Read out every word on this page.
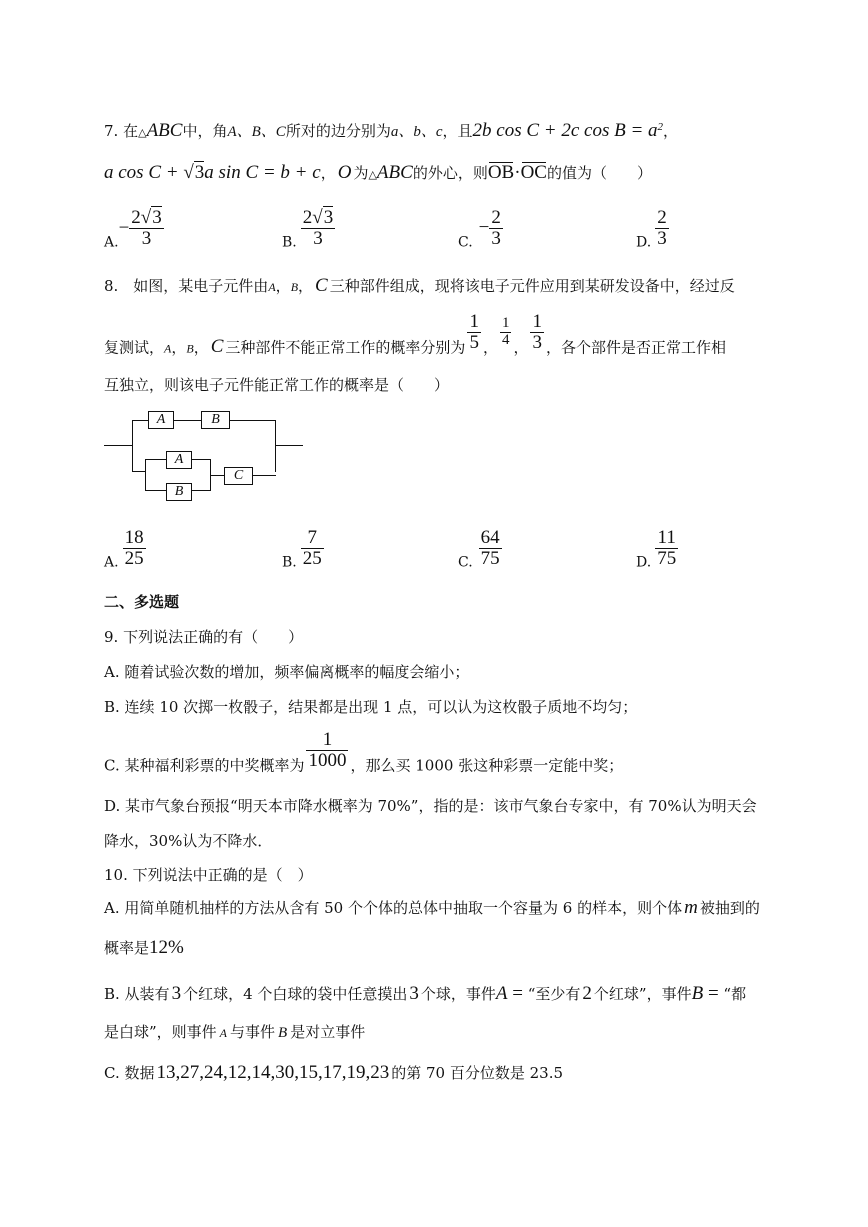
7. 在△ABC中，角A、B、C所对的边分别为a、b、c，且2b cos C + 2c $\cos B = a^2$，
a cos C + √3a sin C = b + c， O 为△ABC的外心，则OB·OC的值为（　　）
$A.- \frac{2√3}{3}$	B. $\frac{2√3}{3}$	$C.- \frac{2}{3}$	D. $\frac{2}{3}$
8.　如图，某电子元件由A，B， C 三种部件组成，现将该电子元件应用到某研发设备中，经过反
复测试，$_A$，$_B$， C 三种部件不能正常工作的概率分别为 $\frac{1}{5}$ ， $\frac{1}{4}$ ， $\frac{1}{3}$ ，各个部件是否正常工作相
互独立，则该电子元件能正常工作的概率是（　　）
A	B
A
B
C
A. $\frac{18}{25}$	B. $\frac{7}{25}$	C. $\frac{64}{75}$	D. $\frac{11}{75}$
二、多选题
9. 下列说法正确的有（　　）
A. 随着试验次数的增加，频率偏离概率的幅度会缩小；
B. 连续 10 次掷一枚骰子，结果都是出现 1 点，可以认为这枚骰子质地不均匀；
C. 某种福利彩票的中奖概率为 $\frac{1}{1000}$ ，那么买 1000 张这种彩票一定能中奖；
D. 某市气象台预报“明天本市降水概率为 70%”，指的是：该市气象台专家中，有 70%认为明天会
降水，30%认为不降水．
10. 下列说法中正确的是（　）
A. 用简单随机抽样的方法从含有 50 个个体的总体中抽取一个容量为 6 的样本，则个体 m 被抽到的
概率是12%
B. 从装有 3 个红球，4 个白球的袋中任意摸出 3 个球，事件A = “至少有 2 个红球”，事件B = “都
是白球”，则事件 A 与事件 B 是对立事件
C. 数据 13,27,24,12,14,30,15,17,19,23 的第 70 百分位数是 23.5
